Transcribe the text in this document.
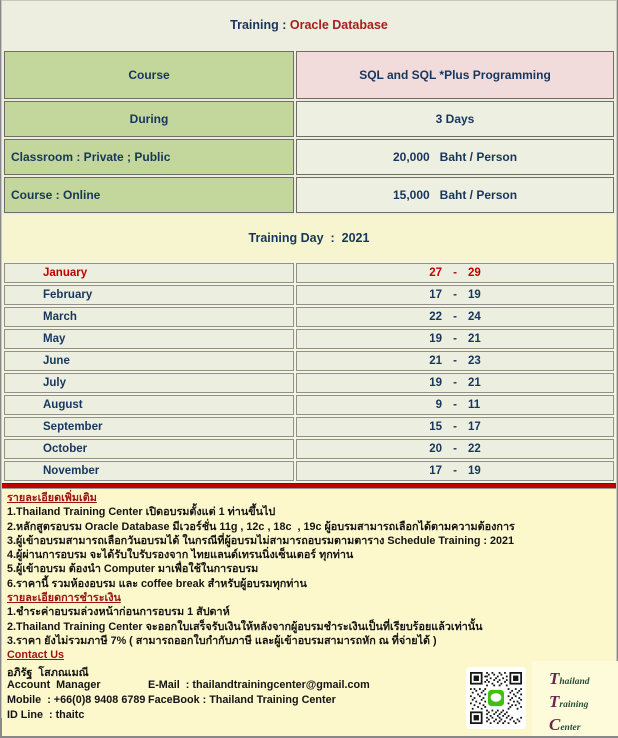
Training : Oracle Database
Course	SQL and SQL *Plus Programming
During	3 Days
Classroom : Private ; Public	20,000   Baht / Person
Course : Online	15,000   Baht / Person
Training Day  :  2021
January	27 - 29
February	17 - 19
March	22 - 24
May	19 - 21
June	21 - 23
July	19 - 21
August	9 - 11
September	15 - 17
October	20 - 22
November	17 - 19
รายละเอียดเพิ่มเติม
1.Thailand Training Center เปิดอบรมตั้งแต่ 1 ท่านขึ้นไป
2.หลักสูตรอบรม Oracle Database มีเวอร์ชั่น 11g , 12c , 18c  , 19c ผู้อบรมสามารถเลือกได้ตามความต้องการ
3.ผู้เข้าอบรมสามารถเลือกวันอบรมได้ ในกรณีที่ผู้อบรมไม่สามารถอบรมตามตาราง Schedule Training : 2021
4.ผู้ผ่านการอบรม จะได้รับใบรับรองจาก ไทยแลนด์เทรนนิ่งเซ็นเตอร์ ทุกท่าน
5.ผู้เข้าอบรม ต้องนำ Computer มาเพื่อใช้ในการอบรม
6.ราคานี้ รวมห้องอบรม และ coffee break สำหรับผู้อบรมทุกท่าน
รายละเอียดการชำระเงิน
1.ชำระค่าอบรมล่วงหน้าก่อนการอบรม 1 สัปดาห์
2.Thailand Training Center จะออกใบเสร็จรับเงินให้หลังจากผู้อบรมชำระเงินเป็นที่เรียบร้อยแล้วเท่านั้น
3.ราคา ยังไม่รวมภาษี 7% ( สามารถออกใบกำกับภาษี และผู้เข้าอบรมสามารถหัก ณ ที่จ่ายได้ )
Contact Us
อภิรัฐ  โสภณเมณี
Account  Manager
Mobile  : +66(0)8 9408 6789
ID Line  : thaitc
E-Mail  : thailandtrainingcenter@gmail.com
FaceBook : Thailand Training Center
T hailand
T raining
C enter
